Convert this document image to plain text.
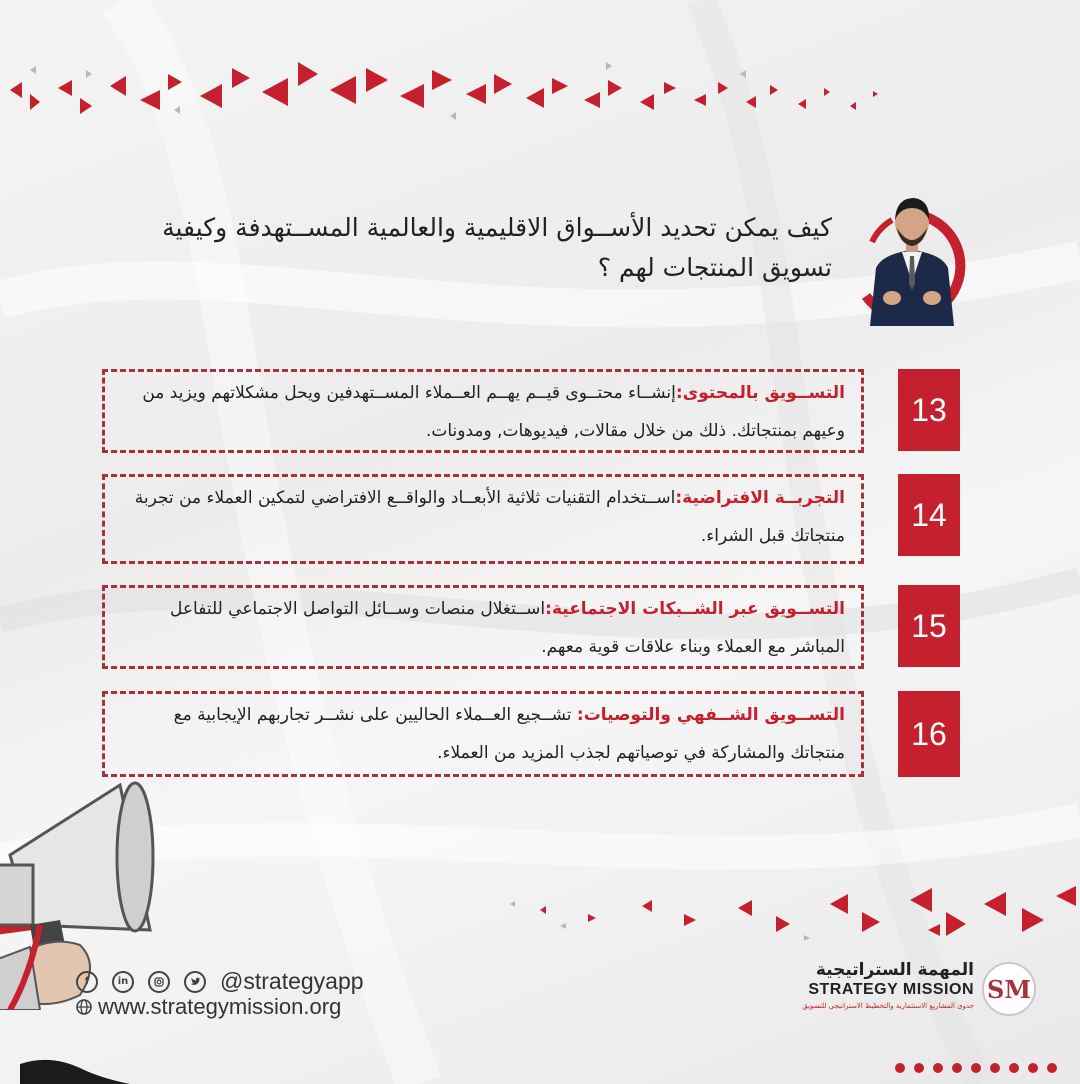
كيف يمكن تحديد الأســواق الاقليمية والعالمية المســتهدفة وكيفية تسويق المنتجات لهم ؟
13
التســويق بالمحتوى:إنشــاء محتــوى قيــم يهــم العــملاء المســتهدفين ويحل مشكلاتهم ويزيد من وعيهم بمنتجاتك. ذلك من خلال مقالات, فيديوهات, ومدونات.
14
التجربــة الافتراضية:اســتخدام التقنيات ثلاثية الأبعــاد والواقــع الافتراضي لتمكين العملاء من تجربة منتجاتك قبل الشراء.
15
التســويق عبر الشــبكات الاجتماعية:اســتغلال منصات وســائل التواصل الاجتماعي للتفاعل المباشر مع العملاء وبناء علاقات قوية معهم.
16
التســويق الشــفهي والتوصيات: تشــجيع العــملاء الحاليين على نشــر تجاربهم الإيجابية مع منتجاتك والمشاركة في توصياتهم لجذب المزيد من العملاء.
f	in	@strategyapp
www.strategymission.org
المهمة الستراتيجية
STRATEGY MISSION
جدوى المشاريع الاستثمارية والتخطيط الاستراتيجي للتسويق
SM
